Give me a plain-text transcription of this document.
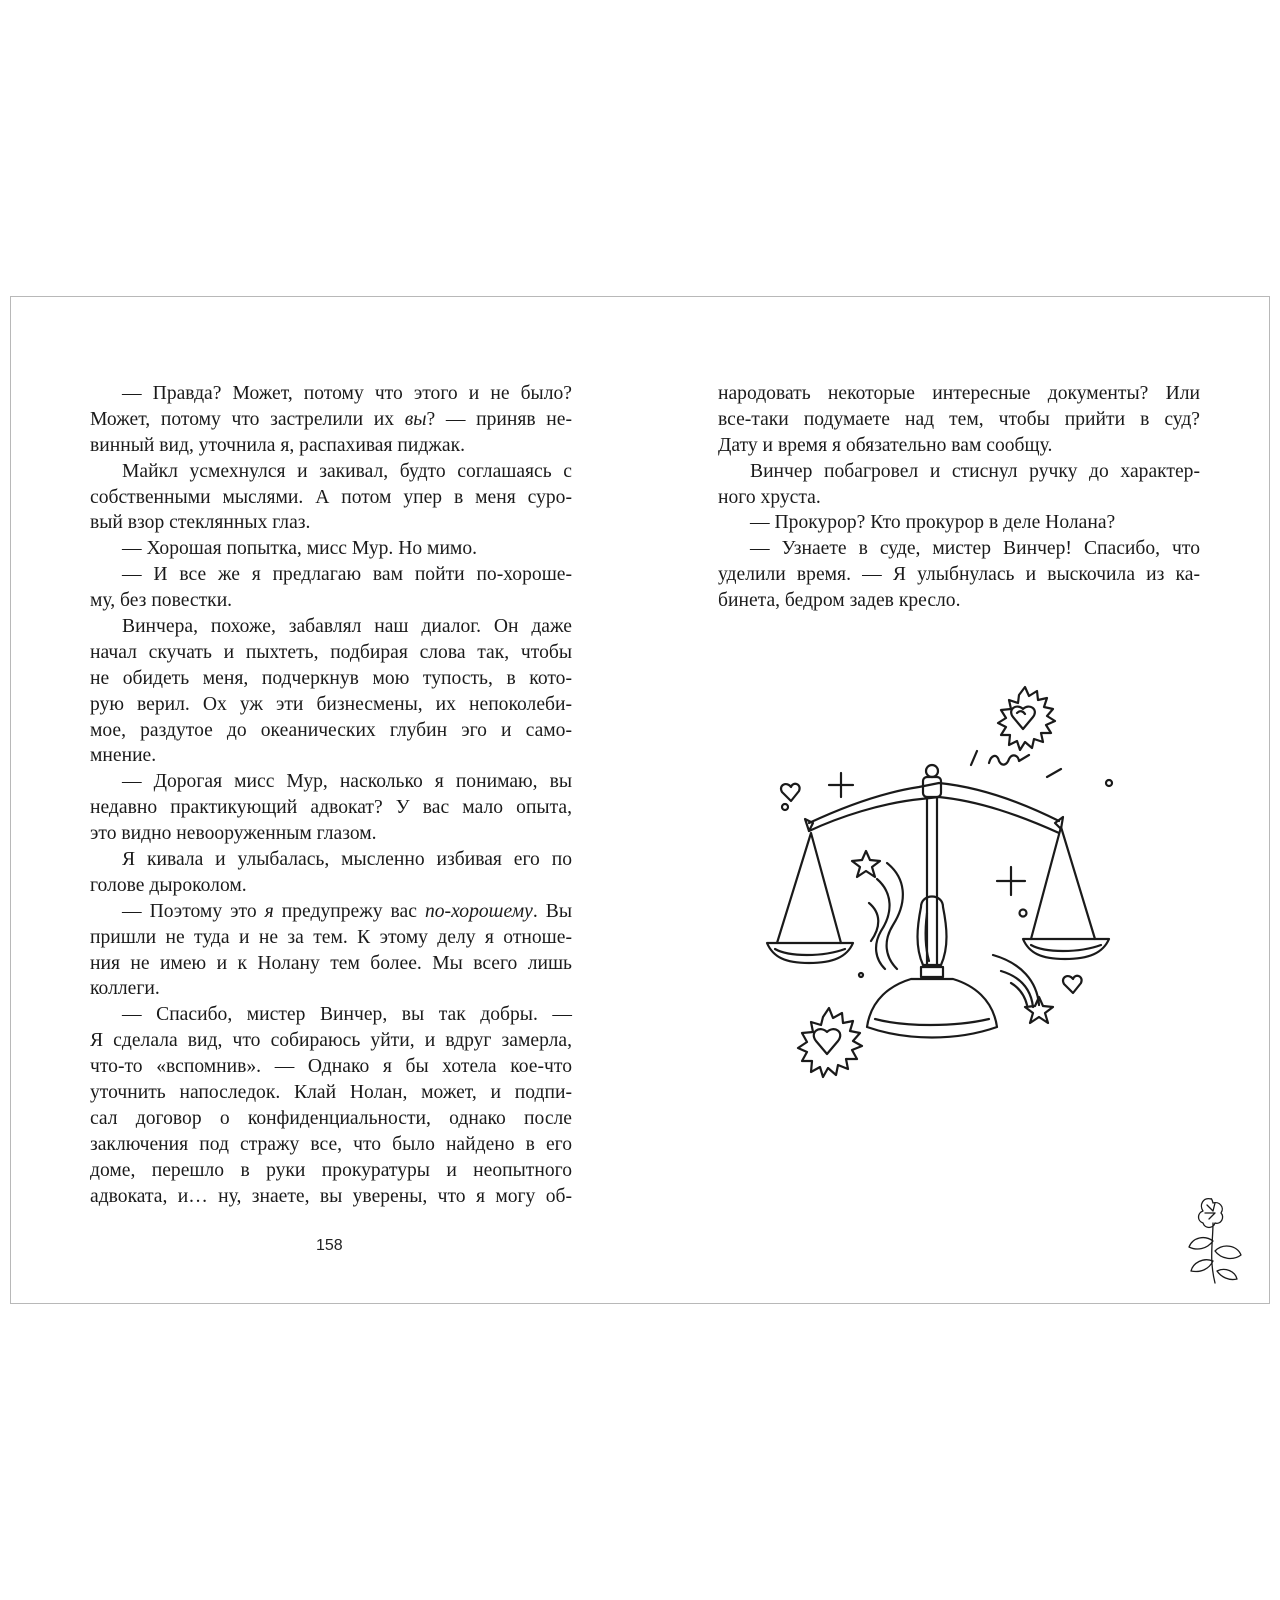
— Правда? Может, потому что этого и не было?
Может, потому что застрелили их вы? — приняв не-
винный вид, уточнила я, распахивая пиджак.
Майкл усмехнулся и закивал, будто соглашаясь с
собственными мыслями. А потом упер в меня суро-
вый взор стеклянных глаз.
— Хорошая попытка, мисс Мур. Но мимо.
— И все же я предлагаю вам пойти по-хороше-
му, без повестки.
Винчера, похоже, забавлял наш диалог. Он даже
начал скучать и пыхтеть, подбирая слова так, чтобы
не обидеть меня, подчеркнув мою тупость, в кото-
рую верил. Ох уж эти бизнесмены, их непоколеби-
мое, раздутое до океанических глубин эго и само-
мнение.
— Дорогая мисс Мур, насколько я понимаю, вы
недавно практикующий адвокат? У вас мало опыта,
это видно невооруженным глазом.
Я кивала и улыбалась, мысленно избивая его по
голове дыроколом.
— Поэтому это я предупрежу вас по-хорошему. Вы
пришли не туда и не за тем. К этому делу я отноше-
ния не имею и к Нолану тем более. Мы всего лишь
коллеги.
— Спасибо, мистер Винчер, вы так добры. —
Я сделала вид, что собираюсь уйти, и вдруг замерла,
что-то «вспомнив». — Однако я бы хотела кое-что
уточнить напоследок. Клай Нолан, может, и подпи-
сал договор о конфиденциальности, однако после
заключения под стражу все, что было найдено в его
доме, перешло в руки прокуратуры и неопытного
адвоката, и… ну, знаете, вы уверены, что я могу об-
158
народовать некоторые интересные документы? Или
все-таки подумаете над тем, чтобы прийти в суд?
Дату и время я обязательно вам сообщу.
Винчер побагровел и стиснул ручку до характер-
ного хруста.
— Прокурор? Кто прокурор в деле Нолана?
— Узнаете в суде, мистер Винчер! Спасибо, что
уделили время. — Я улыбнулась и выскочила из ка-
бинета, бедром задев кресло.
